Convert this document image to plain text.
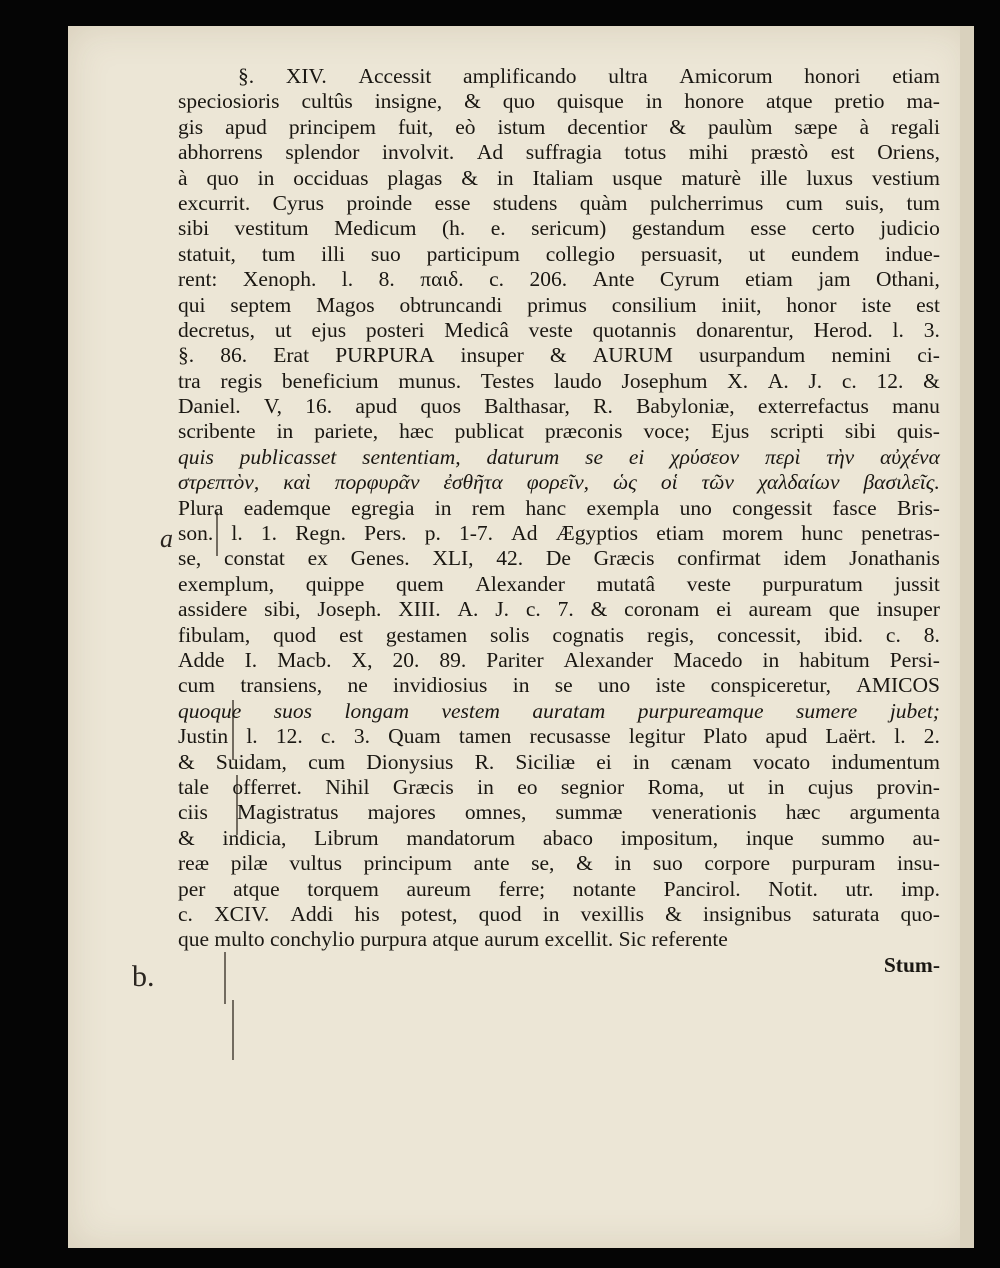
a
b.
§. XIV. Accessit amplificando ultra Amicorum honori etiam
speciosioris cultûs insigne, & quo quisque in honore atque pretio ma-
gis apud principem fuit, eò istum decentior & paulùm sæpe à regali
abhorrens splendor involvit. Ad suffragia totus mihi præstò est Oriens,
à quo in occiduas plagas & in Italiam usque maturè ille luxus vestium
excurrit. Cyrus proinde esse studens quàm pulcherrimus cum suis, tum
sibi vestitum Medicum (h. e. sericum) gestandum esse certo judicio
statuit, tum illi suo participum collegio persuasit, ut eundem indue-
rent: Xenoph. l. 8. παιδ. c. 206. Ante Cyrum etiam jam Othani,
qui septem Magos obtruncandi primus consilium iniit, honor iste est
decretus, ut ejus posteri Medicâ veste quotannis donarentur, Herod. l. 3.
§. 86. Erat PURPURA insuper & AURUM usurpandum nemini ci-
tra regis beneficium munus. Testes laudo Josephum X. A. J. c. 12. &
Daniel. V, 16. apud quos Balthasar, R. Babyloniæ, exterrefactus manu
scribente in pariete, hæc publicat præconis voce; Ejus scripti sibi quis-
quis publicasset sententiam, daturum se ei χρύσεον περὶ τὴν αὐχένα
στρεπτὸν, καὶ πορφυρᾶν ἐσθῆτα φορεῖν, ὡς οἱ τῶν χαλδαίων βασιλεῖς.
Plura eademque egregia in rem hanc exempla uno congessit fasce Bris-
son. l. 1. Regn. Pers. p. 1-7. Ad Ægyptios etiam morem hunc penetras-
se, constat ex Genes. XLI, 42. De Græcis confirmat idem Jonathanis
exemplum, quippe quem Alexander mutatâ veste purpuratum jussit
assidere sibi, Joseph. XIII. A. J. c. 7. & coronam ei auream que insuper
fibulam, quod est gestamen solis cognatis regis, concessit, ibid. c. 8.
Adde I. Macb. X, 20. 89. Pariter Alexander Macedo in habitum Persi-
cum transiens, ne invidiosius in se uno iste conspiceretur, AMICOS
quoque suos longam vestem auratam purpureamque sumere jubet;
Justin l. 12. c. 3. Quam tamen recusasse legitur Plato apud Laërt. l. 2.
& Suidam, cum Dionysius R. Siciliæ ei in cænam vocato indumentum
tale offerret. Nihil Græcis in eo segnior Roma, ut in cujus provin-
ciis Magistratus majores omnes, summæ venerationis hæc argumenta
& indicia, Librum mandatorum abaco impositum, inque summo au-
reæ pilæ vultus principum ante se, & in suo corpore purpuram insu-
per atque torquem aureum ferre; notante Pancirol. Notit. utr. imp.
c. XCIV. Addi his potest, quod in vexillis & insignibus saturata quo-
que multo conchylio purpura atque aurum excellit. Sic referente
Stum-
